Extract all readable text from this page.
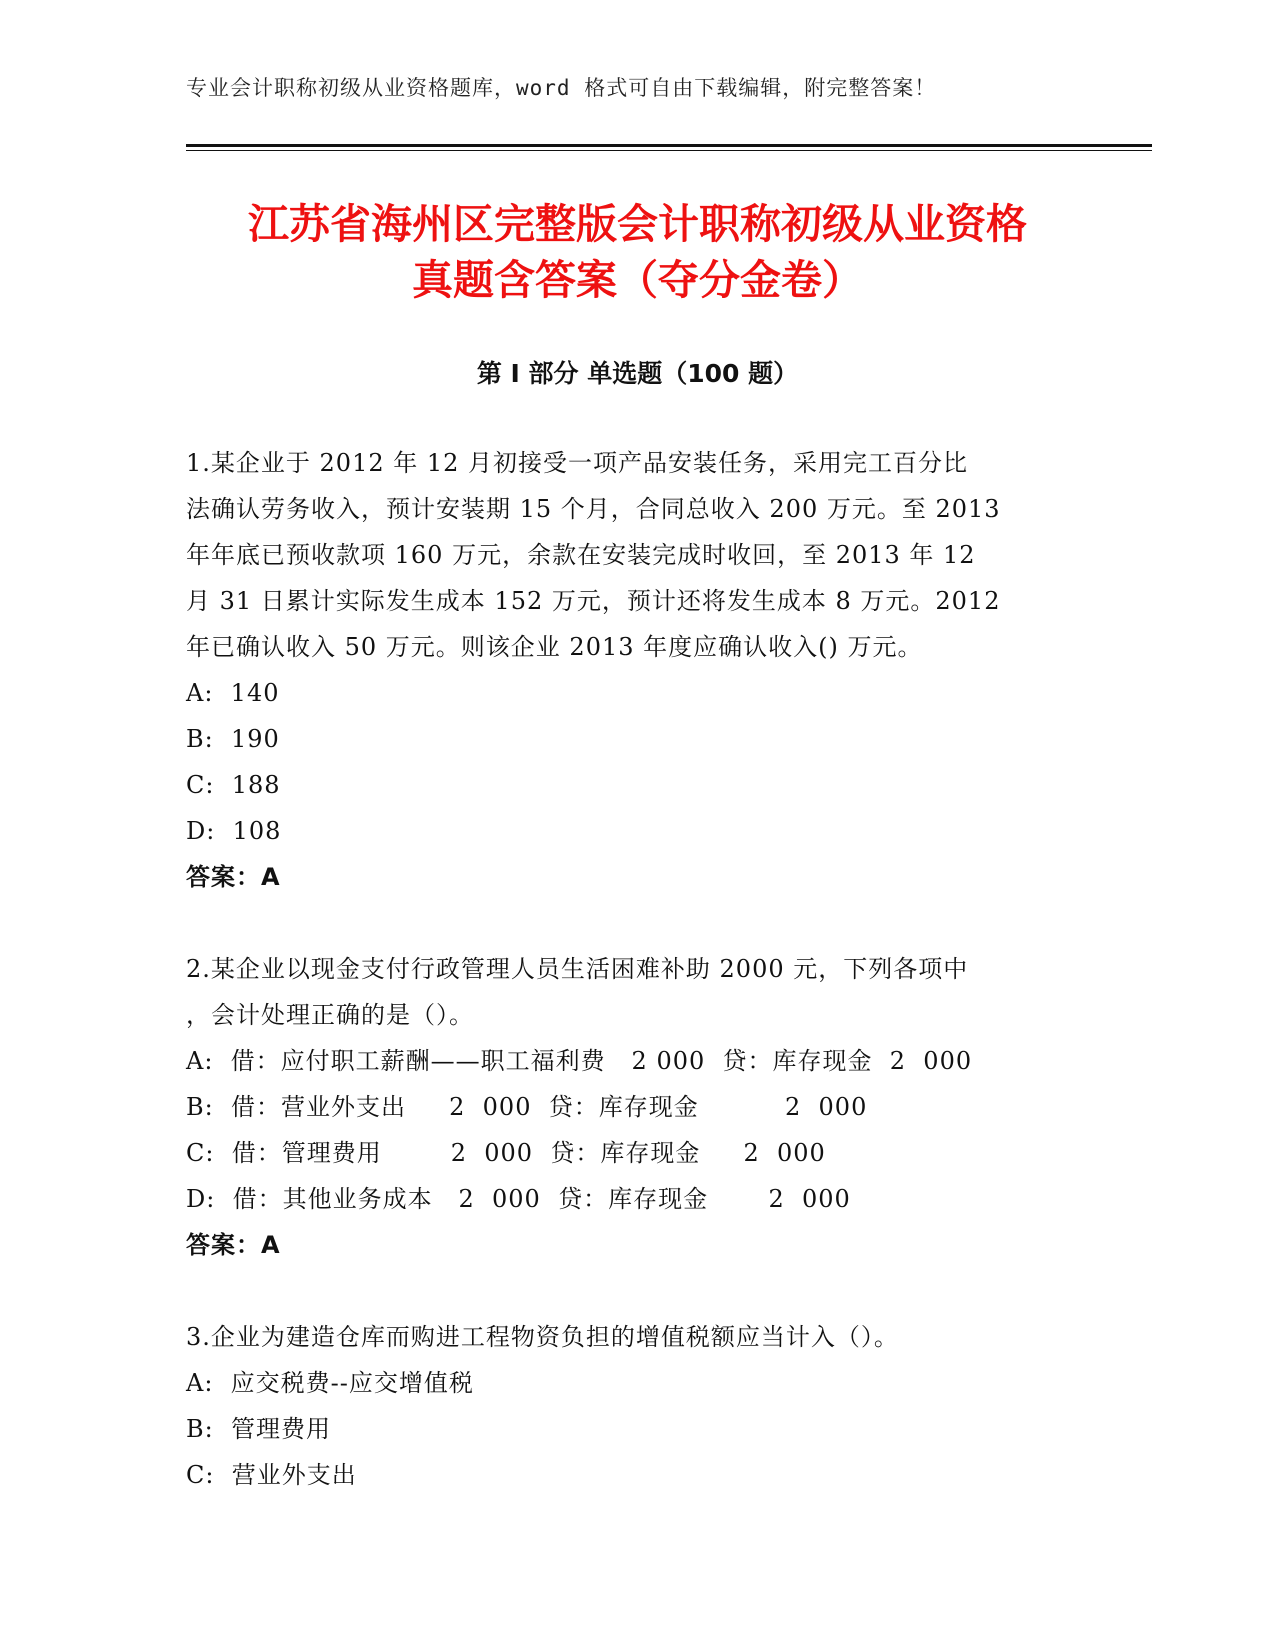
专业会计职称初级从业资格题库，word 格式可自由下载编辑，附完整答案！
江苏省海州区完整版会计职称初级从业资格
真题含答案（夺分金卷）
第 I 部分 单选题（100 题）
1.某企业于 2012 年 12 月初接受一项产品安装任务，采用完工百分比
法确认劳务收入，预计安装期 15 个月，合同总收入 200 万元。至 2013
年年底已预收款项 160 万元，余款在安装完成时收回，至 2013 年 12
月 31 日累计实际发生成本 152 万元，预计还将发生成本 8 万元。2012
年已确认收入 50 万元。则该企业 2013 年度应确认收入() 万元。
A:  140
B:  190
C:  188
D:  108
答案：A
2.某企业以现金支付行政管理人员生活困难补助 2000 元，下列各项中
，会计处理正确的是（）。
A:  借：应付职工薪酬——职工福利费   2 000  贷：库存现金  2  000
B:  借：营业外支出     2  000  贷：库存现金          2  000
C:  借：管理费用        2  000  贷：库存现金     2  000
D:  借：其他业务成本   2  000  贷：库存现金       2  000
答案：A
3.企业为建造仓库而购进工程物资负担的增值税额应当计入（）。
A:  应交税费--应交增值税
B:  管理费用
C:  营业外支出
